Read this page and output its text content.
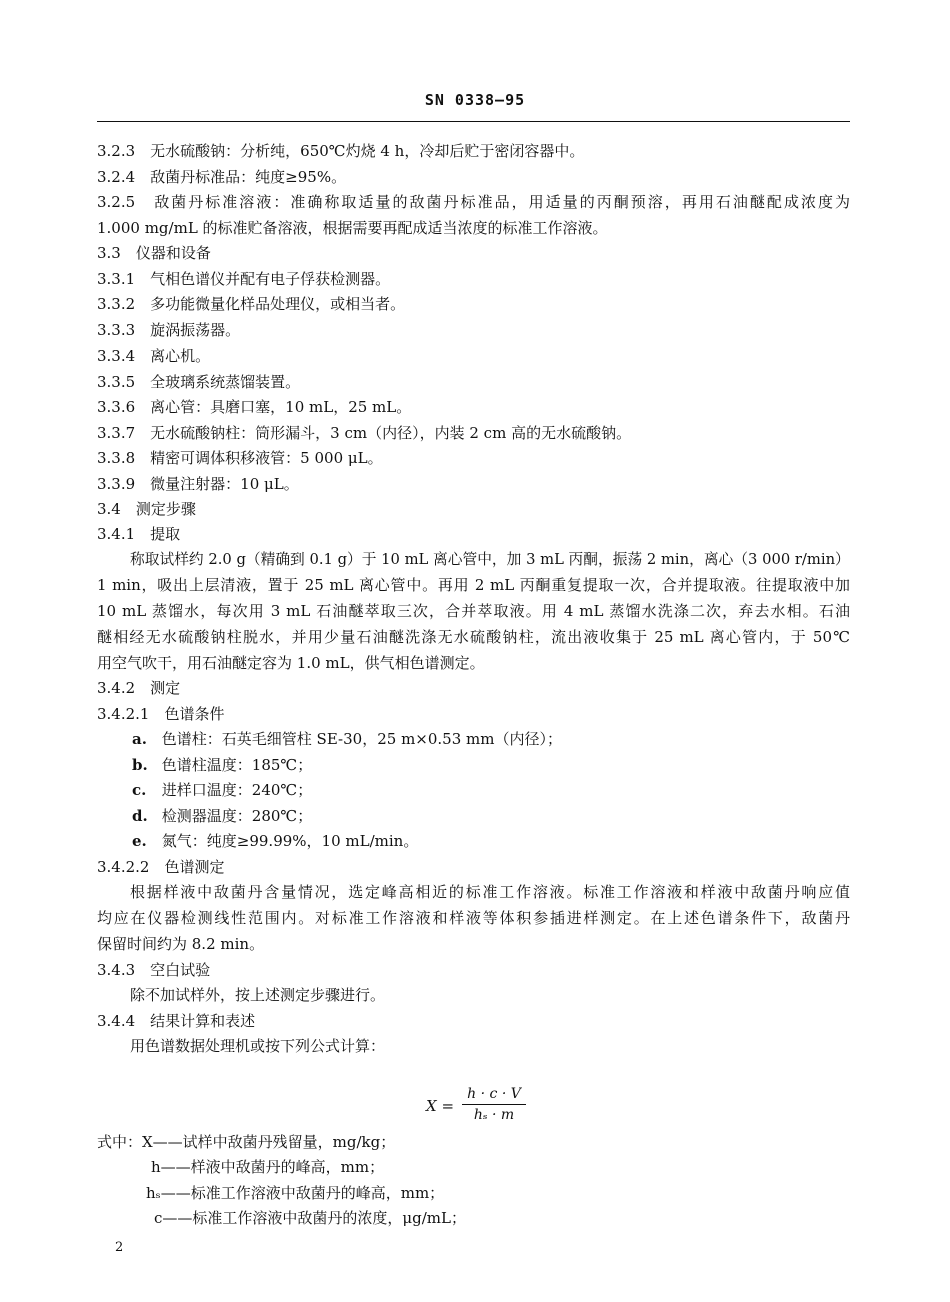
SN 0338—95
3.2.3　无水硫酸钠：分析纯，650℃灼烧 4 h，冷却后贮于密闭容器中。
3.2.4　敌菌丹标准品：纯度≥95%。
3.2.5　敌菌丹标准溶液：准确称取适量的敌菌丹标准品，用适量的丙酮预溶，再用石油醚配成浓度为
1.000 mg/mL 的标准贮备溶液，根据需要再配成适当浓度的标准工作溶液。
3.3　仪器和设备
3.3.1　气相色谱仪并配有电子俘获检测器。
3.3.2　多功能微量化样品处理仪，或相当者。
3.3.3　旋涡振荡器。
3.3.4　离心机。
3.3.5　全玻璃系统蒸馏装置。
3.3.6　离心管：具磨口塞，10 mL，25 mL。
3.3.7　无水硫酸钠柱：筒形漏斗，3 cm（内径），内装 2 cm 高的无水硫酸钠。
3.3.8　精密可调体积移液管：5 000 μL。
3.3.9　微量注射器：10 μL。
3.4　测定步骤
3.4.1　提取
称取试样约 2.0 g（精确到 0.1 g）于 10 mL 离心管中，加 3 mL 丙酮，振荡 2 min，离心（3 000 r/min）
1 min，吸出上层清液，置于 25 mL 离心管中。再用 2 mL 丙酮重复提取一次，合并提取液。往提取液中加
10 mL 蒸馏水，每次用 3 mL 石油醚萃取三次，合并萃取液。用 4 mL 蒸馏水洗涤二次，弃去水相。石油
醚相经无水硫酸钠柱脱水，并用少量石油醚洗涤无水硫酸钠柱，流出液收集于 25 mL 离心管内，于 50℃
用空气吹干，用石油醚定容为 1.0 mL，供气相色谱测定。
3.4.2　测定
3.4.2.1　色谱条件
a. 色谱柱：石英毛细管柱 SE-30，25 m×0.53 mm（内径）；
b. 色谱柱温度：185℃；
c. 进样口温度：240℃；
d. 检测器温度：280℃；
e. 氮气：纯度≥99.99%，10 mL/min。
3.4.2.2　色谱测定
根据样液中敌菌丹含量情况，选定峰高相近的标准工作溶液。标准工作溶液和样液中敌菌丹响应值
均应在仪器检测线性范围内。对标准工作溶液和样液等体积参插进样测定。在上述色谱条件下，敌菌丹
保留时间约为 8.2 min。
3.4.3　空白试验
除不加试样外，按上述测定步骤进行。
3.4.4　结果计算和表述
用色谱数据处理机或按下列公式计算：
X =
h · c · V
hₛ · m
式中：X——试样中敌菌丹残留量，mg/kg；
h——样液中敌菌丹的峰高，mm；
hₛ——标准工作溶液中敌菌丹的峰高，mm；
c——标准工作溶液中敌菌丹的浓度，μg/mL；
2
